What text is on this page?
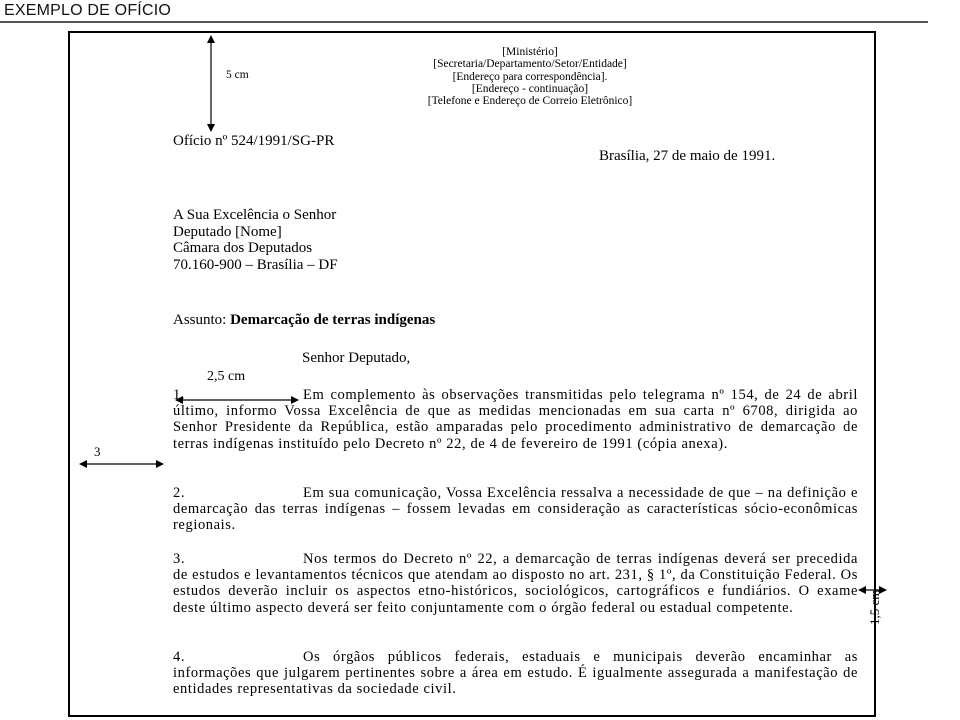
EXEMPLO DE OFÍCIO
[Ministério]
[Secretaria/Departamento/Setor/Entidade]
[Endereço para correspondência].
[Endereço - continuação]
[Telefone e Endereço de Correio Eletrônico]
Ofício nº 524/1991/SG-PR
Brasília, 27 de maio de 1991.
A Sua Excelência o Senhor
Deputado [Nome]
Câmara dos Deputados
70.160-900 – Brasília – DF
Assunto: Demarcação de terras indígenas
Senhor Deputado,
1.	Em complemento às observações transmitidas pelo telegrama nº 154, de 24 de abril último, informo Vossa Excelência de que as medidas mencionadas em sua carta nº 6708, dirigida ao Senhor Presidente da República, estão amparadas pelo procedimento administrativo de demarcação de terras indígenas instituído pelo Decreto nº 22, de 4 de fevereiro de 1991 (cópia anexa).
2.	Em sua comunicação, Vossa Excelência ressalva a necessidade de que – na definição e demarcação das terras indígenas – fossem levadas em consideração as características sócio-econômicas regionais.
3.	Nos termos do Decreto nº 22, a demarcação de terras indígenas deverá ser precedida de estudos e levantamentos técnicos que atendam ao disposto no art. 231, § 1º, da Constituição Federal. Os estudos deverão incluir os aspectos etno-históricos, sociológicos, cartográficos e fundiários. O exame deste último aspecto deverá ser feito conjuntamente com o órgão federal ou estadual competente.
4.	Os órgãos públicos federais, estaduais e municipais deverão encaminhar as informações que julgarem pertinentes sobre a área em estudo. É igualmente assegurada a manifestação de entidades representativas da sociedade civil.
5 cm
2,5 cm
3
1,5 cm
